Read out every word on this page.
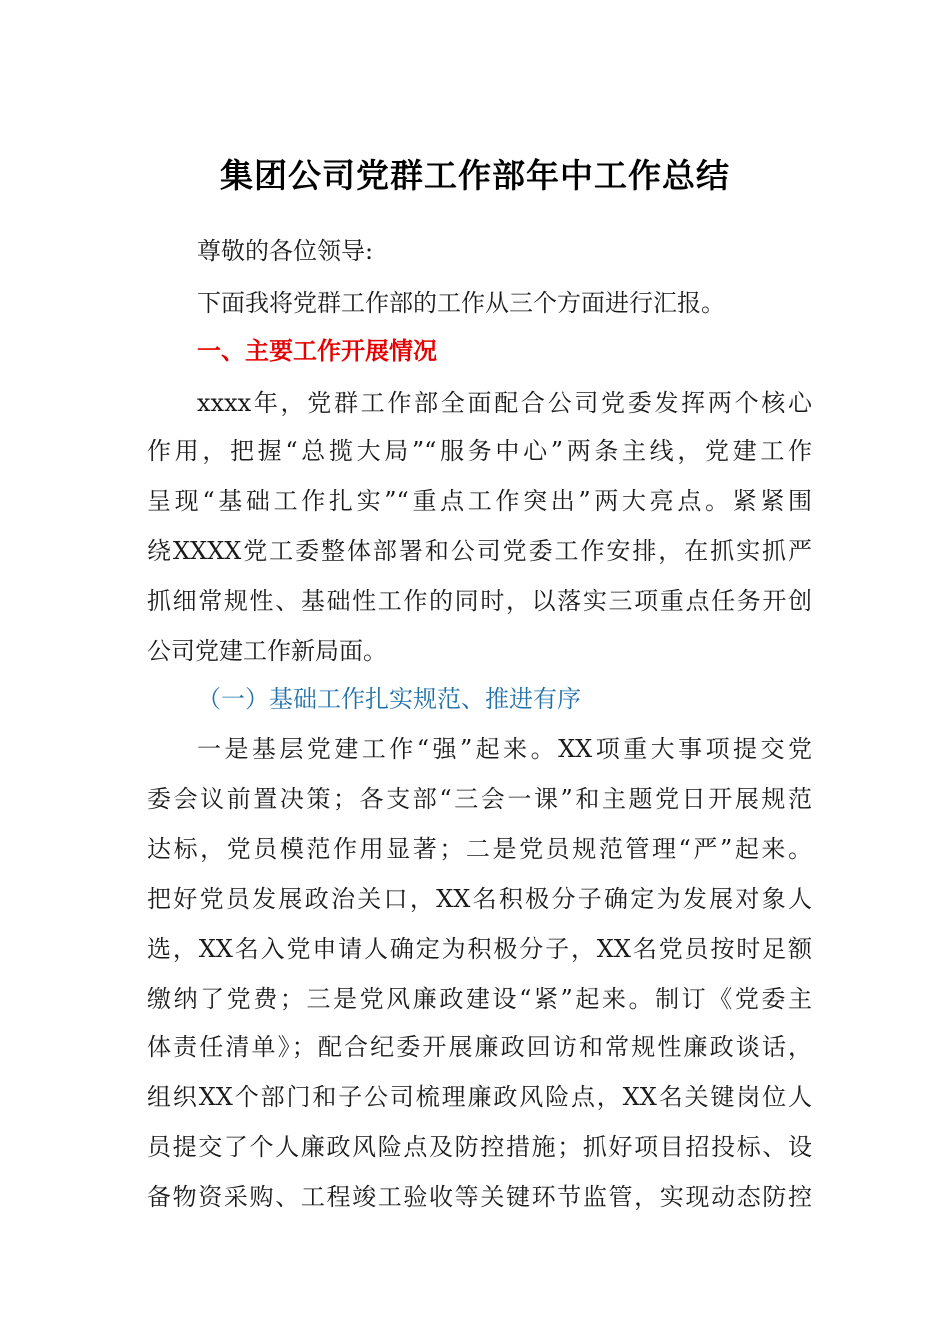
集团公司党群工作部年中工作总结
尊敬的各位领导:
下面我将党群工作部的工作从三个方面进行汇报。
一、主要工作开展情况
xxxx年，党群工作部全面配合公司党委发挥两个核心
作用，把握“总揽大局”“服务中心”两条主线，党建工作
呈现“基础工作扎实”“重点工作突出”两大亮点。紧紧围
绕XXXX党工委整体部署和公司党委工作安排，在抓实抓严
抓细常规性、基础性工作的同时，以落实三项重点任务开创
公司党建工作新局面。
（一）基础工作扎实规范、推进有序
一是基层党建工作“强”起来。XX项重大事项提交党
委会议前置决策；各支部“三会一课”和主题党日开展规范
达标，党员模范作用显著；二是党员规范管理“严”起来。
把好党员发展政治关口，XX名积极分子确定为发展对象人
选，XX名入党申请人确定为积极分子，XX名党员按时足额
缴纳了党费；三是党风廉政建设“紧”起来。制订《党委主
体责任清单》；配合纪委开展廉政回访和常规性廉政谈话，
组织XX个部门和子公司梳理廉政风险点，XX名关键岗位人
员提交了个人廉政风险点及防控措施；抓好项目招投标、设
备物资采购、工程竣工验收等关键环节监管，实现动态防控
